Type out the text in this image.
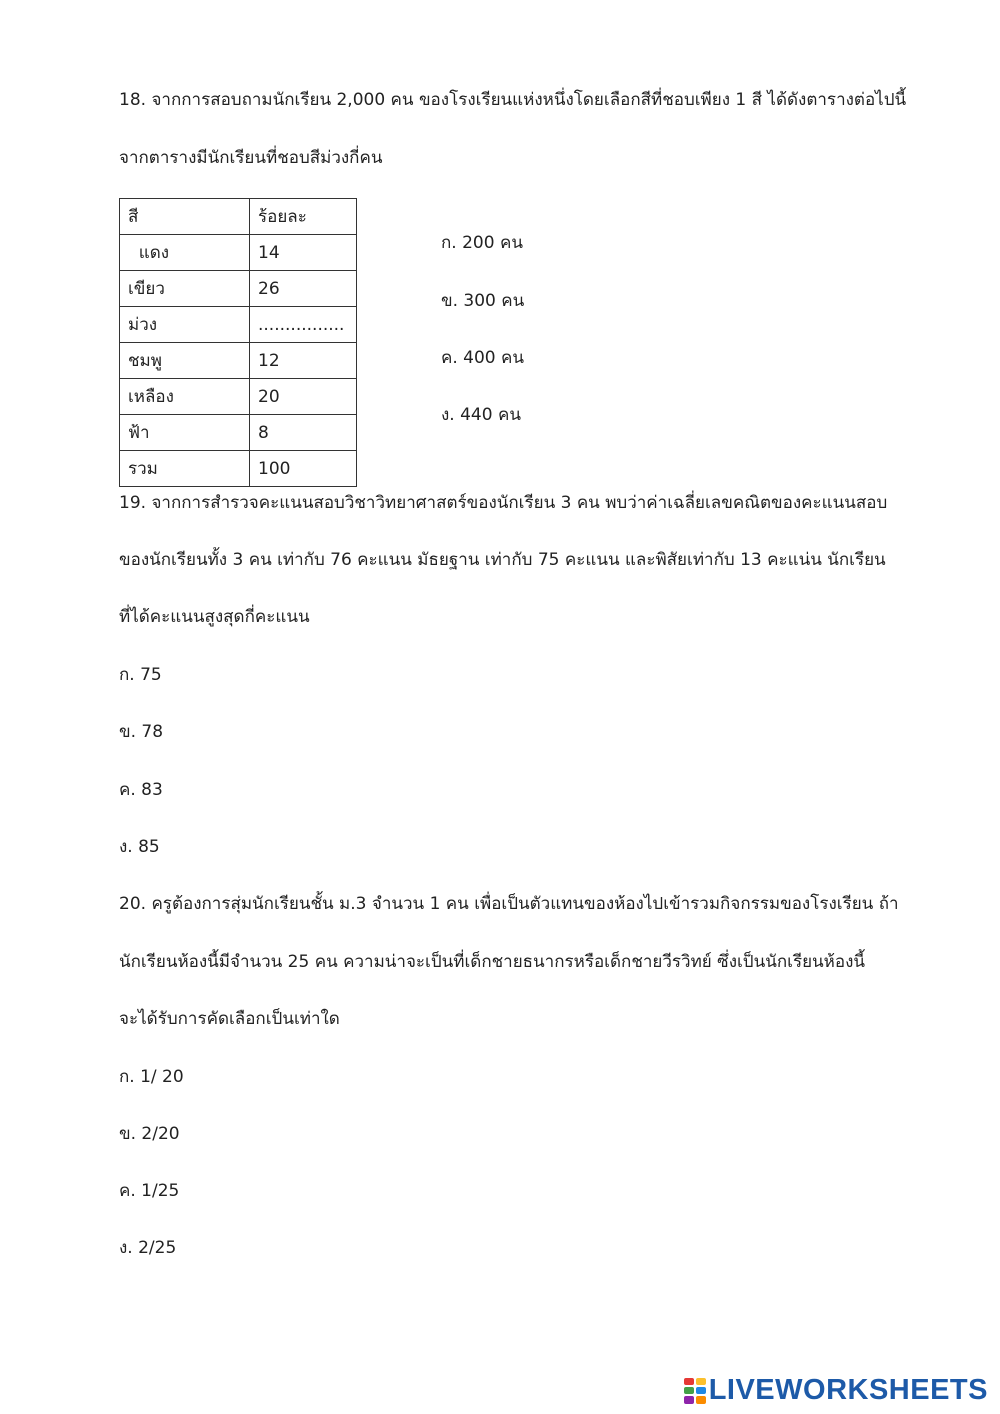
18. จากการสอบถามนักเรียน 2,000 คน ของโรงเรียนแห่งหนึ่งโดยเลือกสีที่ชอบเพียง 1 สี ได้ดังตารางต่อไปนี้
จากตารางมีนักเรียนที่ชอบสีม่วงกี่คน
สี	ร้อยละ
แดง	14
เขียว	26
ม่วง	................
ชมพู	12
เหลือง	20
ฟ้า	8
รวม	100
ก. 200 คน
ข. 300 คน
ค. 400 คน
ง. 440 คน
19. จากการสำรวจคะแนนสอบวิชาวิทยาศาสตร์ของนักเรียน 3 คน พบว่าค่าเฉลี่ยเลขคณิตของคะแนนสอบ
ของนักเรียนทั้ง 3 คน เท่ากับ 76 คะแนน มัธยฐาน เท่ากับ 75 คะแนน และพิสัยเท่ากับ 13 คะแน่น นักเรียน
ที่ได้คะแนนสูงสุดกี่คะแนน
ก. 75
ข. 78
ค. 83
ง. 85
20. ครูต้องการสุ่มนักเรียนชั้น ม.3 จำนวน 1 คน เพื่อเป็นตัวแทนของห้องไปเข้ารวมกิจกรรมของโรงเรียน ถ้า
นักเรียนห้องนี้มีจำนวน 25 คน ความน่าจะเป็นที่เด็กชายธนากรหรือเด็กชายวีรวิทย์ ซึ่งเป็นนักเรียนห้องนี้
จะได้รับการคัดเลือกเป็นเท่าใด
ก. 1/ 20
ข. 2/20
ค. 1/25
ง. 2/25
LIVEWORKSHEETS
